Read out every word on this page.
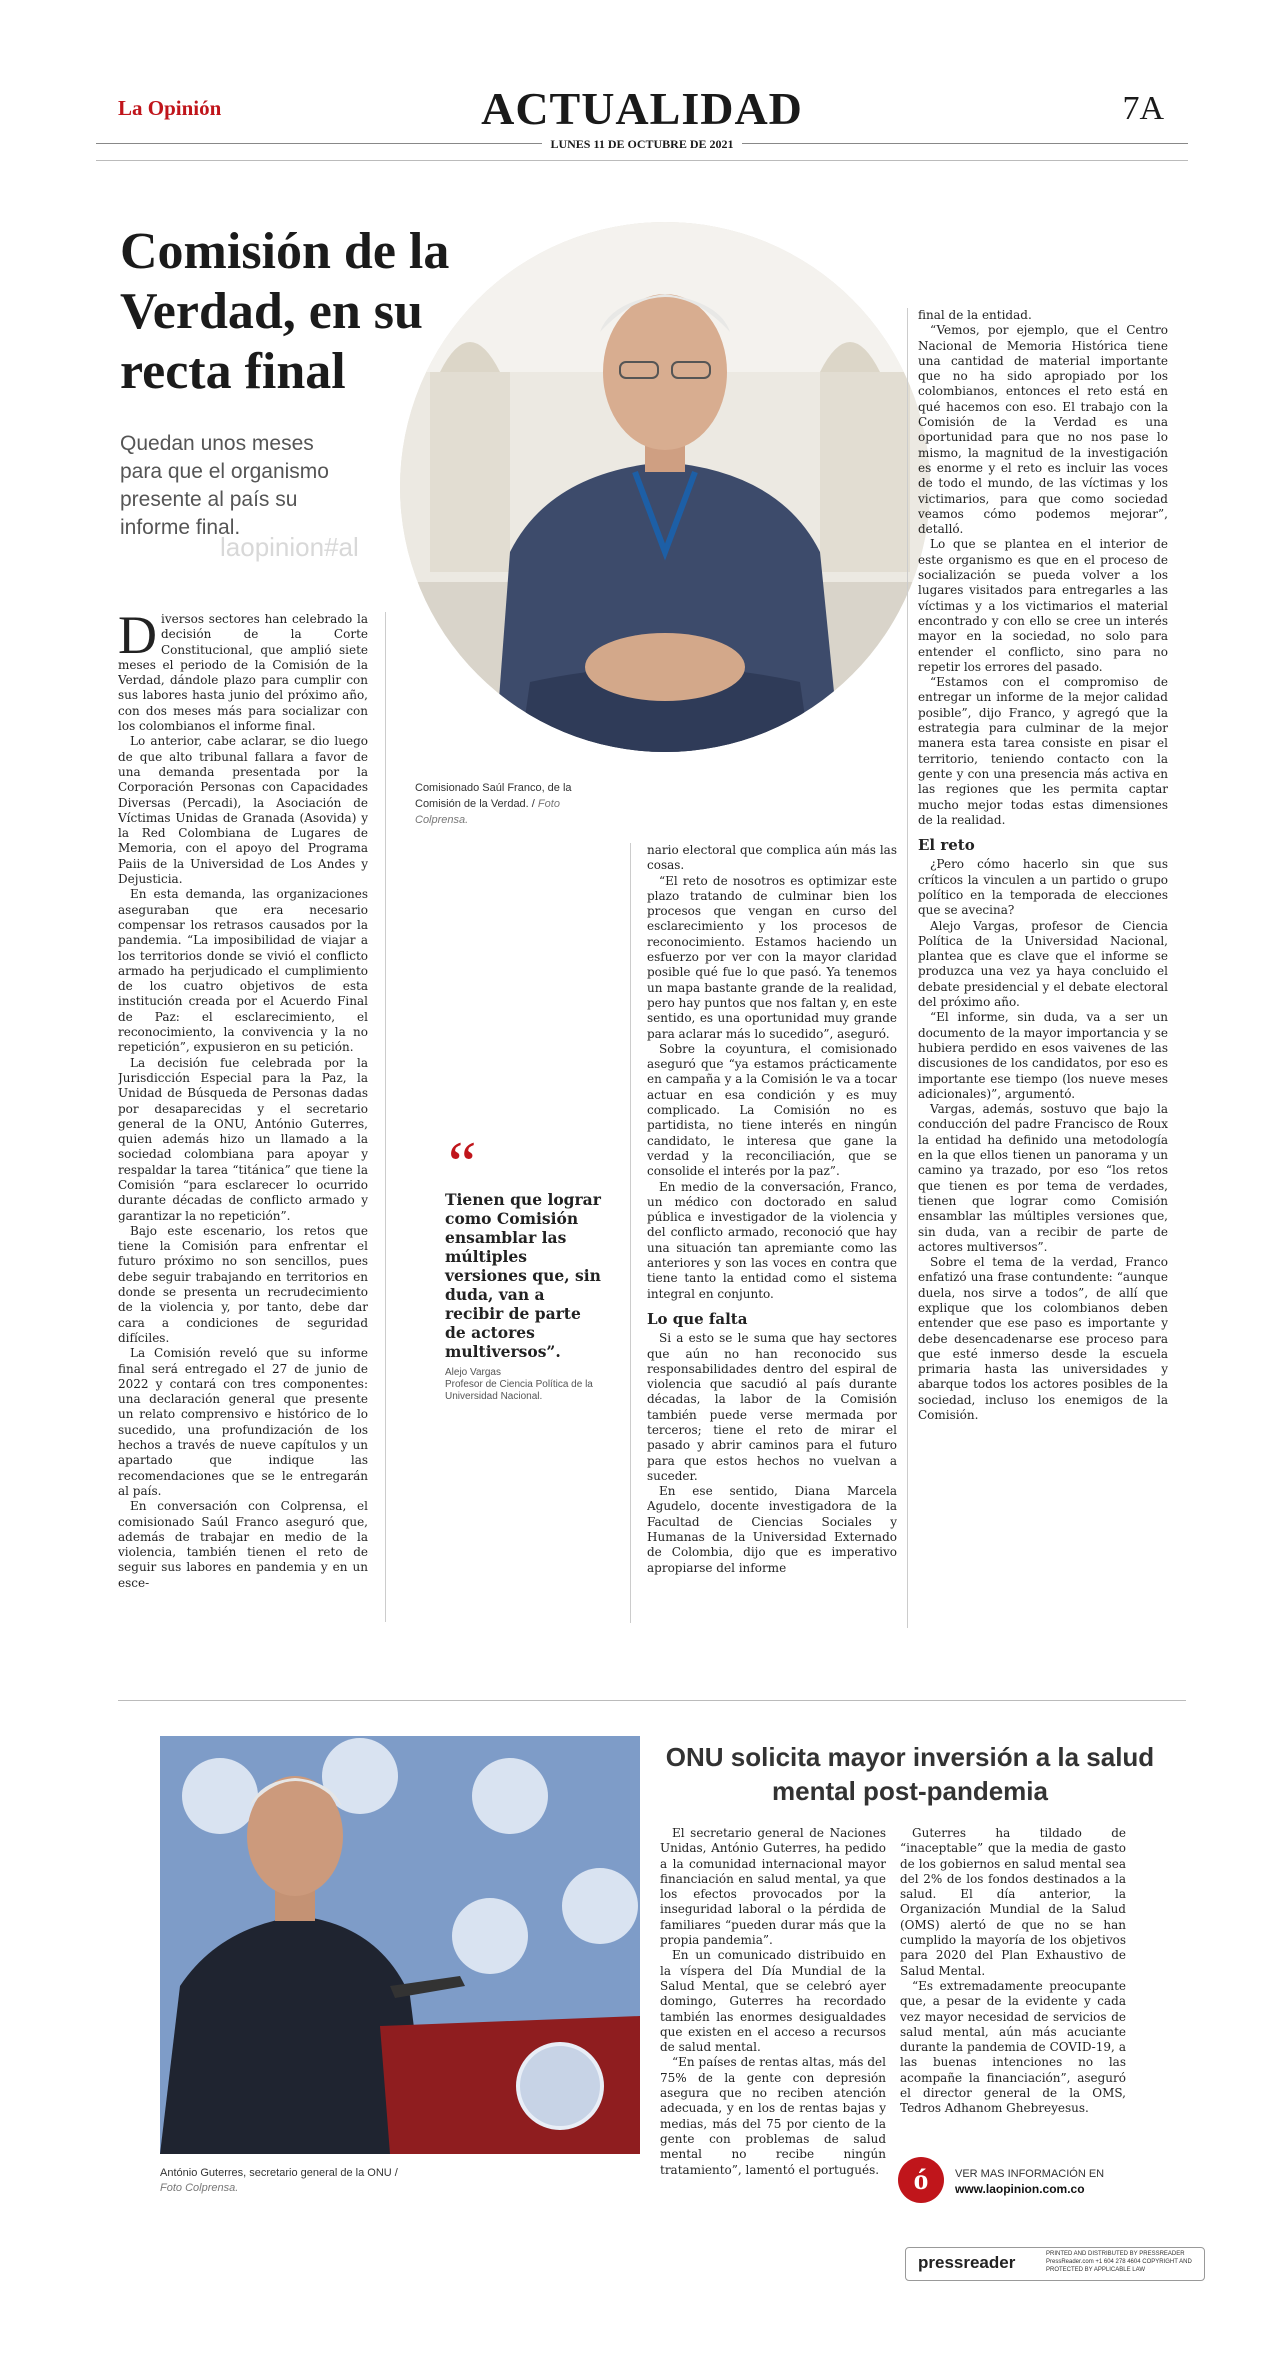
La Opinión	ACTUALIDAD	7A
LUNES 11 DE OCTUBRE DE 2021
Comisión de la Verdad, en su recta final
Quedan unos meses para que el organismo presente al país su informe final.
laopinion#al
Comisionado Saúl Franco, de la Comisión de la Verdad. / Foto Colprensa.
D iversos sectores han celebrado la decisión de la Corte Constitucional, que amplió siete meses el periodo de la Comisión de la Verdad, dándole plazo para cumplir con sus labores hasta junio del próximo año, con dos meses más para socializar con los colombianos el informe final.

Lo anterior, cabe aclarar, se dio luego de que alto tribunal fallara a favor de una demanda presentada por la Corporación Personas con Capacidades Diversas (Percadi), la Asociación de Víctimas Unidas de Granada (Asovida) y la Red Colombiana de Lugares de Memoria, con el apoyo del Programa Paiis de la Universidad de Los Andes y Dejusticia.

En esta demanda, las organizaciones aseguraban que era necesario compensar los retrasos causados por la pandemia. “La imposibilidad de viajar a los territorios donde se vivió el conflicto armado ha perjudicado el cumplimiento de los cuatro objetivos de esta institución creada por el Acuerdo Final de Paz: el esclarecimiento, el reconocimiento, la convivencia y la no repetición”, expusieron en su petición.

La decisión fue celebrada por la Jurisdicción Especial para la Paz, la Unidad de Búsqueda de Personas dadas por desaparecidas y el secretario general de la ONU, António Guterres, quien además hizo un llamado a la sociedad colombiana para apoyar y respaldar la tarea “titánica” que tiene la Comisión “para esclarecer lo ocurrido durante décadas de conflicto armado y garantizar la no repetición”.

Bajo este escenario, los retos que tiene la Comisión para enfrentar el futuro próximo no son sencillos, pues debe seguir trabajando en territorios en donde se presenta un recrudecimiento de la violencia y, por tanto, debe dar cara a condiciones de seguridad difíciles.

La Comisión reveló que su informe final será entregado el 27 de junio de 2022 y contará con tres componentes: una declaración general que presente un relato comprensivo e histórico de lo sucedido, una profundización de los hechos a través de nueve capítulos y un apartado que indique las recomendaciones que se le entregarán al país.

En conversación con Colprensa, el comisionado Saúl Franco aseguró que, además de trabajar en medio de la violencia, también tienen el reto de seguir sus labores en pandemia y en un esce-

“
Tienen que lograr como Comisión ensamblar las múltiples versiones que, sin duda, van a recibir de parte de actores multiversos”.
Alejo Vargas
Profesor de Ciencia Política de la Universidad Nacional.

nario electoral que complica aún más las cosas.

“El reto de nosotros es optimizar este plazo tratando de culminar bien los procesos que vengan en curso del esclarecimiento y los procesos de reconocimiento. Estamos haciendo un esfuerzo por ver con la mayor claridad posible qué fue lo que pasó. Ya tenemos un mapa bastante grande de la realidad, pero hay puntos que nos faltan y, en este sentido, es una oportunidad muy grande para aclarar más lo sucedido”, aseguró.

Sobre la coyuntura, el comisionado aseguró que “ya estamos prácticamente en campaña y a la Comisión le va a tocar actuar en esa condición y es muy complicado. La Comisión no es partidista, no tiene interés en ningún candidato, le interesa que gane la verdad y la reconciliación, que se consolide el interés por la paz”.

En medio de la conversación, Franco, un médico con doctorado en salud pública e investigador de la violencia y del conflicto armado, reconoció que hay una situación tan apremiante como las anteriores y son las voces en contra que tiene tanto la entidad como el sistema integral en conjunto.

Lo que falta

Si a esto se le suma que hay sectores que aún no han reconocido sus responsabilidades dentro del espiral de violencia que sacudió al país durante décadas, la labor de la Comisión también puede verse mermada por terceros; tiene el reto de mirar el pasado y abrir caminos para el futuro para que estos hechos no vuelvan a suceder.

En ese sentido, Diana Marcela Agudelo, docente investigadora de la Facultad de Ciencias Sociales y Humanas de la Universidad Externado de Colombia, dijo que es imperativo apropiarse del informe

final de la entidad.

“Vemos, por ejemplo, que el Centro Nacional de Memoria Histórica tiene una cantidad de material importante que no ha sido apropiado por los colombianos, entonces el reto está en qué hacemos con eso. El trabajo con la Comisión de la Verdad es una oportunidad para que no nos pase lo mismo, la magnitud de la investigación es enorme y el reto es incluir las voces de todo el mundo, de las víctimas y los victimarios, para que como sociedad veamos cómo podemos mejorar”, detalló.

Lo que se plantea en el interior de este organismo es que en el proceso de socialización se pueda volver a los lugares visitados para entregarles a las víctimas y a los victimarios el material encontrado y con ello se cree un interés mayor en la sociedad, no solo para entender el conflicto, sino para no repetir los errores del pasado.

“Estamos con el compromiso de entregar un informe de la mejor calidad posible”, dijo Franco, y agregó que la estrategia para culminar de la mejor manera esta tarea consiste en pisar el territorio, teniendo contacto con la gente y con una presencia más activa en las regiones que les permita captar mucho mejor todas estas dimensiones de la realidad.

El reto

¿Pero cómo hacerlo sin que sus críticos la vinculen a un partido o grupo político en la temporada de elecciones que se avecina?

Alejo Vargas, profesor de Ciencia Política de la Universidad Nacional, plantea que es clave que el informe se produzca una vez ya haya concluido el debate presidencial y el debate electoral del próximo año.

“El informe, sin duda, va a ser un documento de la mayor importancia y se hubiera perdido en esos vaivenes de las discusiones de los candidatos, por eso es importante ese tiempo (los nueve meses adicionales)”, argumentó.

Vargas, además, sostuvo que bajo la conducción del padre Francisco de Roux la entidad ha definido una metodología en la que ellos tienen un panorama y un camino ya trazado, por eso “los retos que tienen es por tema de verdades, tienen que lograr como Comisión ensamblar las múltiples versiones que, sin duda, van a recibir de parte de actores multiversos”.

Sobre el tema de la verdad, Franco enfatizó una frase contundente: “aunque duela, nos sirve a todos”, de allí que explique que los colombianos deben entender que ese paso es importante y debe desencadenarse ese proceso para que esté inmerso desde la escuela primaria hasta las universidades y abarque todos los actores posibles de la sociedad, incluso los enemigos de la Comisión.

António Guterres, secretario general de la ONU /
Foto Colprensa.
ONU solicita mayor inversión a la salud mental post-pandemia

El secretario general de Naciones Unidas, António Guterres, ha pedido a la comunidad internacional mayor financiación en salud mental, ya que los efectos provocados por la inseguridad laboral o la pérdida de familiares “pueden durar más que la propia pandemia”.

En un comunicado distribuido en la víspera del Día Mundial de la Salud Mental, que se celebró ayer domingo, Guterres ha recordado también las enormes desigualdades que existen en el acceso a recursos de salud mental.

“En países de rentas altas, más del 75% de la gente con depresión asegura que no reciben atención adecuada, y en los de rentas bajas y medias, más del 75 por ciento de la gente con problemas de salud mental no recibe ningún tratamiento”, lamentó el portugués.

Guterres ha tildado de “inaceptable” que la media de gasto de los gobiernos en salud mental sea del 2% de los fondos destinados a la salud. El día anterior, la Organización Mundial de la Salud (OMS) alertó de que no se han cumplido la mayoría de los objetivos para 2020 del Plan Exhaustivo de Salud Mental.

“Es extremadamente preocupante que, a pesar de la evidente y cada vez mayor necesidad de servicios de salud mental, aún más acuciante durante la pandemia de COVID-19, a las buenas intenciones no las acompañe la financiación”, aseguró el director general de la OMS, Tedros Adhanom Ghebreyesus.

ó	VER MAS INFORMACIÓN EN
www.laopinion.com.co
pressreader	PRINTED AND DISTRIBUTED BY PRESSREADER PressReader.com +1 604 278 4604 COPYRIGHT AND PROTECTED BY APPLICABLE LAW
